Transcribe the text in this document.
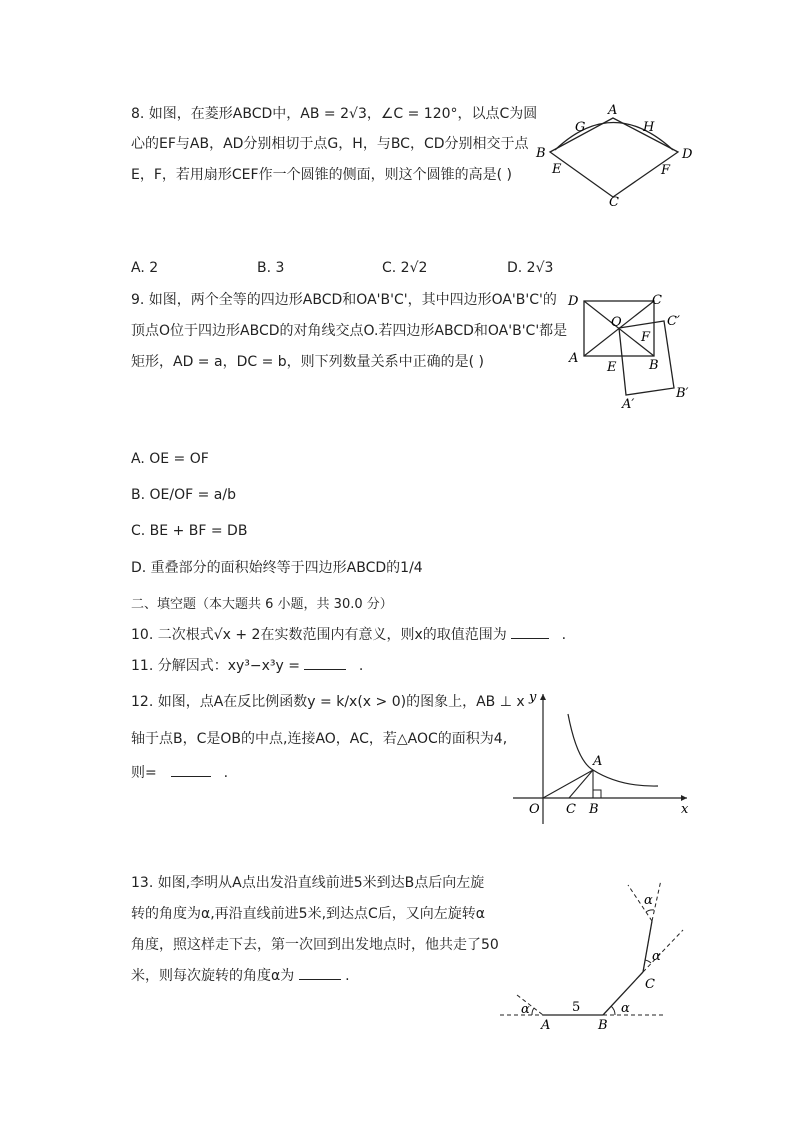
8. 如图，在菱形ABCD中，AB = 2√3，∠C = 120°，以点C为圆
心的EF与AB，AD分别相切于点G，H，与BC，CD分别相交于点
E，F，若用扇形CEF作一个圆锥的侧面，则这个圆锥的高是( )
A
G	H
B	D
E	F
C
A. 2	B. 3	C. 2√2	D. 2√3
9. 如图，两个全等的四边形ABCD和OA'B'C'，其中四边形OA'B'C'的
顶点O位于四边形ABCD的对角线交点O.若四边形ABCD和OA'B'C'都是
矩形，AD = a，DC = b，则下列数量关系中正确的是( )
D	C
C′
O
F
A
E	B
B′
A′
A. OE = OF
B. OE/OF = a/b
C. BE + BF = DB
D. 重叠部分的面积始终等于四边形ABCD的1/4
二、填空题（本大题共 6 小题，共 30.0 分）
10. 二次根式√x + 2在实数范围内有意义，则x的取值范围为	.
11. 分解因式：xy³−x³y =	.
12. 如图，点A在反比例函数y = k/x(x > 0)的图象上，AB ⊥ x
轴于点B，C是OB的中点,连接AO，AC，若△AOC的面积为4,
则=	.
y
x
O
A
C B
13. 如图,李明从A点出发沿直线前进5米到达B点后向左旋
转的角度为α,再沿直线前进5米,到达点C后，又向左旋转α
角度，照这样走下去，第一次回到出发地点时，他共走了50
米，则每次旋转的角度α为	.
α
A
5
B
α
C
α
α
